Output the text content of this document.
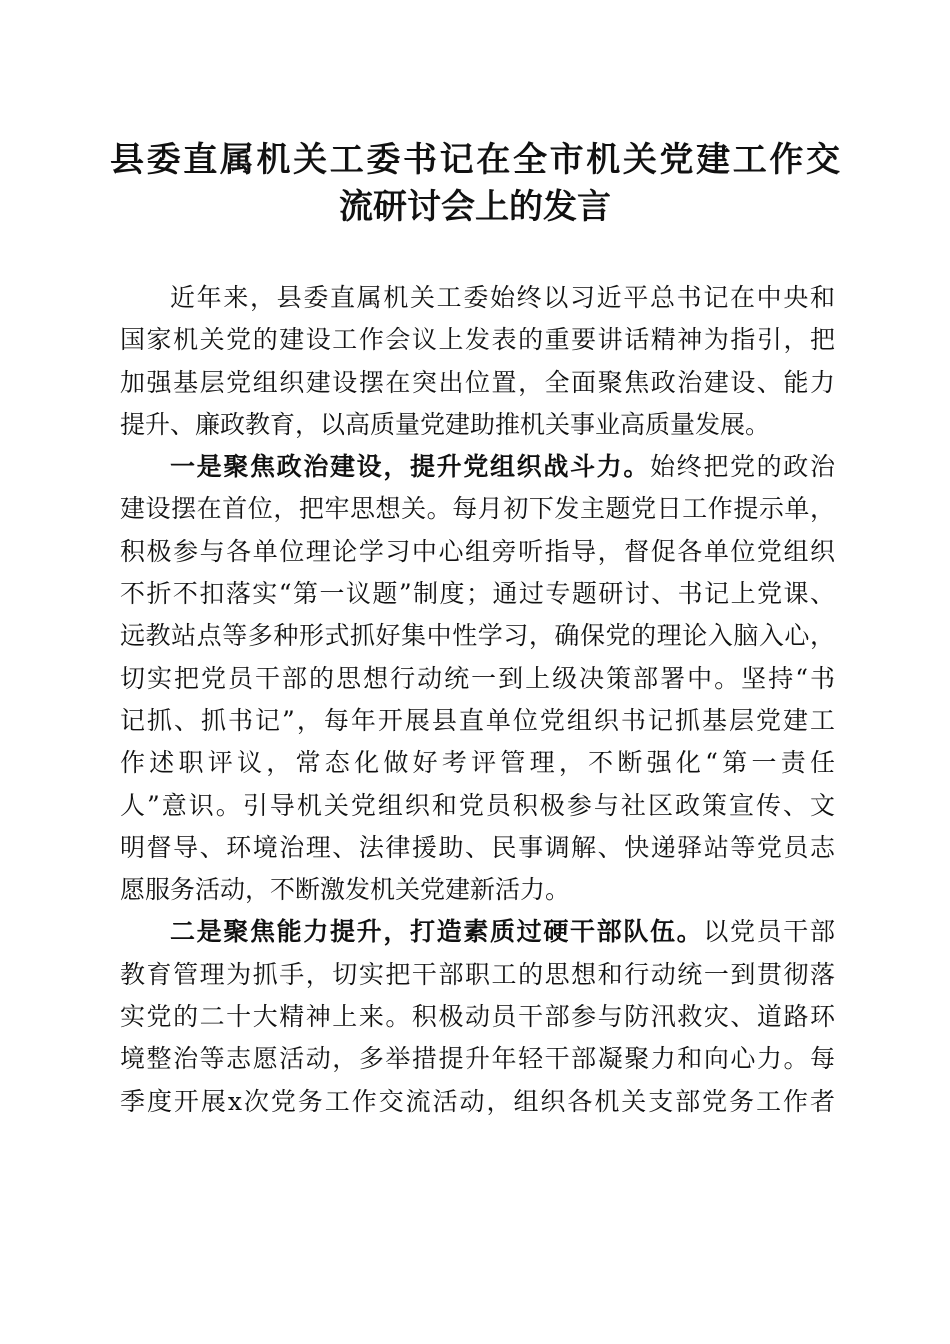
县委直属机关工委书记在全市机关党建工作交
流研讨会上的发言
近年来，县委直属机关工委始终以习近平总书记在中央和
国家机关党的建设工作会议上发表的重要讲话精神为指引，把
加强基层党组织建设摆在突出位置，全面聚焦政治建设、能力
提升、廉政教育，以高质量党建助推机关事业高质量发展。
一是聚焦政治建设，提升党组织战斗力。始终把党的政治
建设摆在首位，把牢思想关。每月初下发主题党日工作提示单，
积极参与各单位理论学习中心组旁听指导，督促各单位党组织
不折不扣落实“第一议题”制度；通过专题研讨、书记上党课、
远教站点等多种形式抓好集中性学习，确保党的理论入脑入心，
切实把党员干部的思想行动统一到上级决策部署中。坚持“书
记抓、抓书记”，每年开展县直单位党组织书记抓基层党建工
作述职评议，常态化做好考评管理，不断强化“第一责任
人”意识。引导机关党组织和党员积极参与社区政策宣传、文
明督导、环境治理、法律援助、民事调解、快递驿站等党员志
愿服务活动，不断激发机关党建新活力。
二是聚焦能力提升，打造素质过硬干部队伍。以党员干部
教育管理为抓手，切实把干部职工的思想和行动统一到贯彻落
实党的二十大精神上来。积极动员干部参与防汛救灾、道路环
境整治等志愿活动，多举措提升年轻干部凝聚力和向心力。每
季度开展x次党务工作交流活动，组织各机关支部党务工作者
